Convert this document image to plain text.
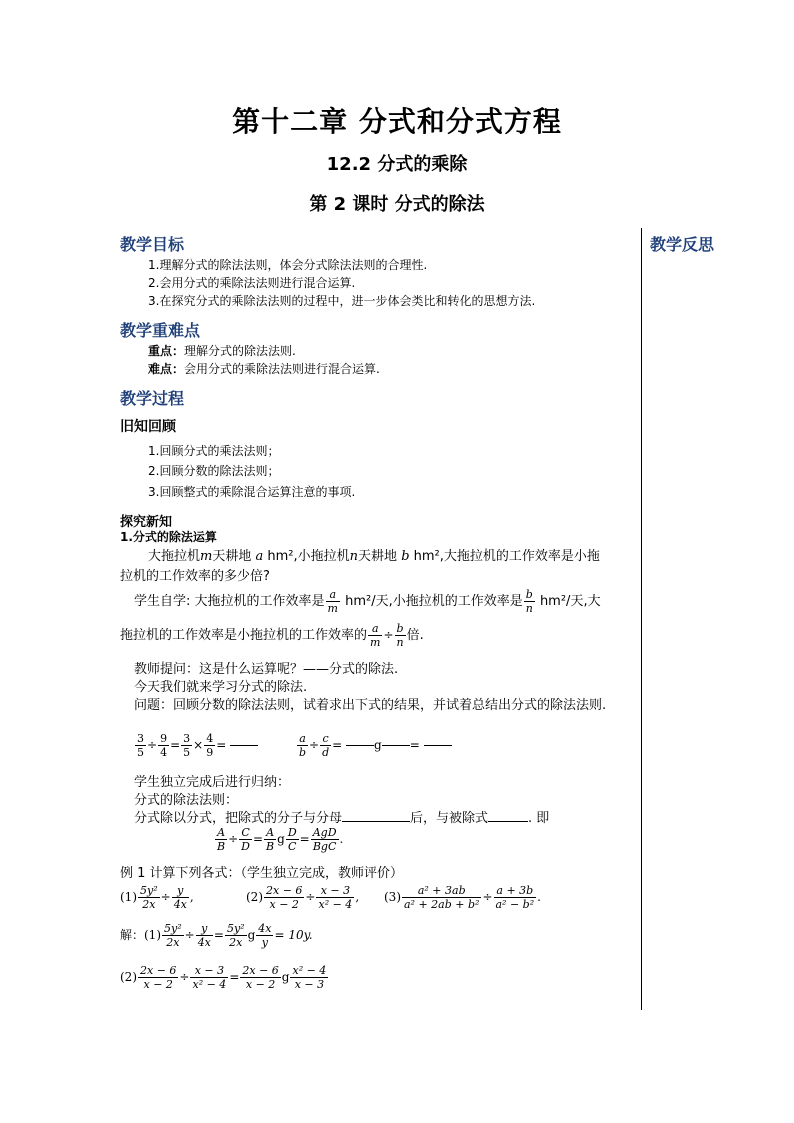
第十二章 分式和分式方程
12.2 分式的乘除
第 2 课时 分式的除法
教学反思
教学目标
1.理解分式的除法法则，体会分式除法法则的合理性.
2.会用分式的乘除法法则进行混合运算.
3.在探究分式的乘除法法则的过程中，进一步体会类比和转化的思想方法.
教学重难点
重点：理解分式的除法法则.
难点：会用分式的乘除法法则进行混合运算.
教学过程
旧知回顾
1.回顾分式的乘法法则；
2.回顾分数的除法法则；
3.回顾整式的乘除混合运算注意的事项.
探究新知
1.分式的除法运算
大拖拉机m天耕地 a hm²,小拖拉机n天耕地 b hm²,大拖拉机的工作效率是小拖
拉机的工作效率的多少倍?
学生自学: 大拖拉机的工作效率是 $\frac{a}{m} hm^2/$天,小拖拉机的工作效率是 $\frac{b}{n} hm^2/$天,大
拖拉机的工作效率是小拖拉机的工作效率的 $\frac{a}{m} \div \frac{b}{n}$ 倍.
教师提问：这是什么运算呢？——分式的除法.
今天我们就来学习分式的除法.
问题：回顾分数的除法法则，试着求出下式的结果，并试着总结出分式的除法法则.
$\frac{3}{5} \div \frac{9}{4} = \frac{3}{5} \times \frac{4}{9}$ =	$\frac{a}{b} \div \frac{c}{d} = g$ =
学生独立完成后进行归纳：
分式的除法法则：
分式除以分式，把除式的分子与分母	后，与被除式	. 即
$\frac{A}{B} \div \frac{C}{D} = \frac{A}{B}$ g $\frac{D}{C} = \frac{\text{AgD}}{\text{BgC}}$ .
例 1 计算下列各式：（学生独立完成，教师评价）
$(1) \frac{\text{5y²}}{2x} \div \frac{y}{4x}$ ,	$(2) \frac{2x - 6}{x - 2} \div \frac{x - 3}{\text{x² − 4}}$ , $(3) \frac{\text{a² + 3ab}}{\text{a² + 2ab + b²}} \div \frac{a + 3b}{\text{a² − b²}}$ .
解：$(1) \frac{\text{5y²}}{2x} \div \frac{y}{4x} = \frac{\text{5y²}}{2x}$ g $\frac{4x}{y} = 10y$.
$(2) \frac{2x - 6}{x - 2} \div \frac{x - 3}{\text{x² − 4}} = \frac{2x - 6}{x - 2}$ g $\frac{\text{x² − 4}}{x - 3}$
